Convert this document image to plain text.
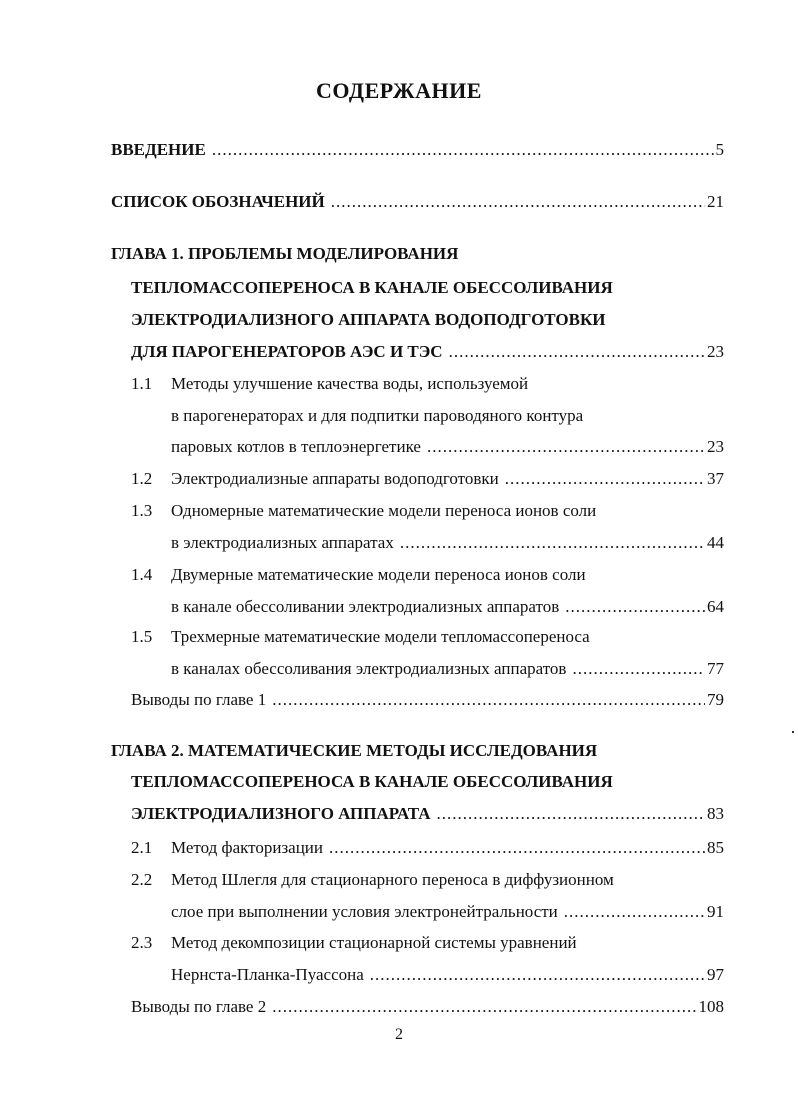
СОДЕРЖАНИЕ
ВВЕДЕНИЕ .....	5
СПИСОК ОБОЗНАЧЕНИЙ .....	21
ГЛАВА 1. ПРОБЛЕМЫ МОДЕЛИРОВАНИЯ
ТЕПЛОМАССОПЕРЕНОСА В КАНАЛЕ ОБЕССОЛИВАНИЯ
ЭЛЕКТРОДИАЛИЗНОГО АППАРАТА ВОДОПОДГОТОВКИ
ДЛЯ ПАРОГЕНЕРАТОРОВ АЭС И ТЭС .....	23
1.1 Методы улучшение качества воды, используемой
в парогенераторах и для подпитки пароводяного контура
паровых котлов в теплоэнергетике .....	23
1.2	Электродиализные аппараты водоподготовки .....	37
1.3 Одномерные математические модели переноса ионов соли
в электродиализных аппаратах .....	44
1.4 Двумерные математические модели переноса ионов соли
в канале обессоливании электродиализных аппаратов .....	64
1.5 Трехмерные математические модели тепломассопереноса
в каналах обессоливания электродиализных аппаратов .....	77
Выводы по главе 1 .....	79
ГЛАВА 2. МАТЕМАТИЧЕСКИЕ МЕТОДЫ ИССЛЕДОВАНИЯ
ТЕПЛОМАССОПЕРЕНОСА В КАНАЛЕ ОБЕССОЛИВАНИЯ
ЭЛЕКТРОДИАЛИЗНОГО АППАРАТА .....	83
2.1	Метод факторизации .....	85
2.2 Метод Шлегля для стационарного переноса в диффузионном
слое при выполнении условия электронейтральности .....	91
2.3 Метод декомпозиции стационарной системы уравнений
Нернста-Планка-Пуассона .....	97
Выводы по главе 2 .....	108
2
